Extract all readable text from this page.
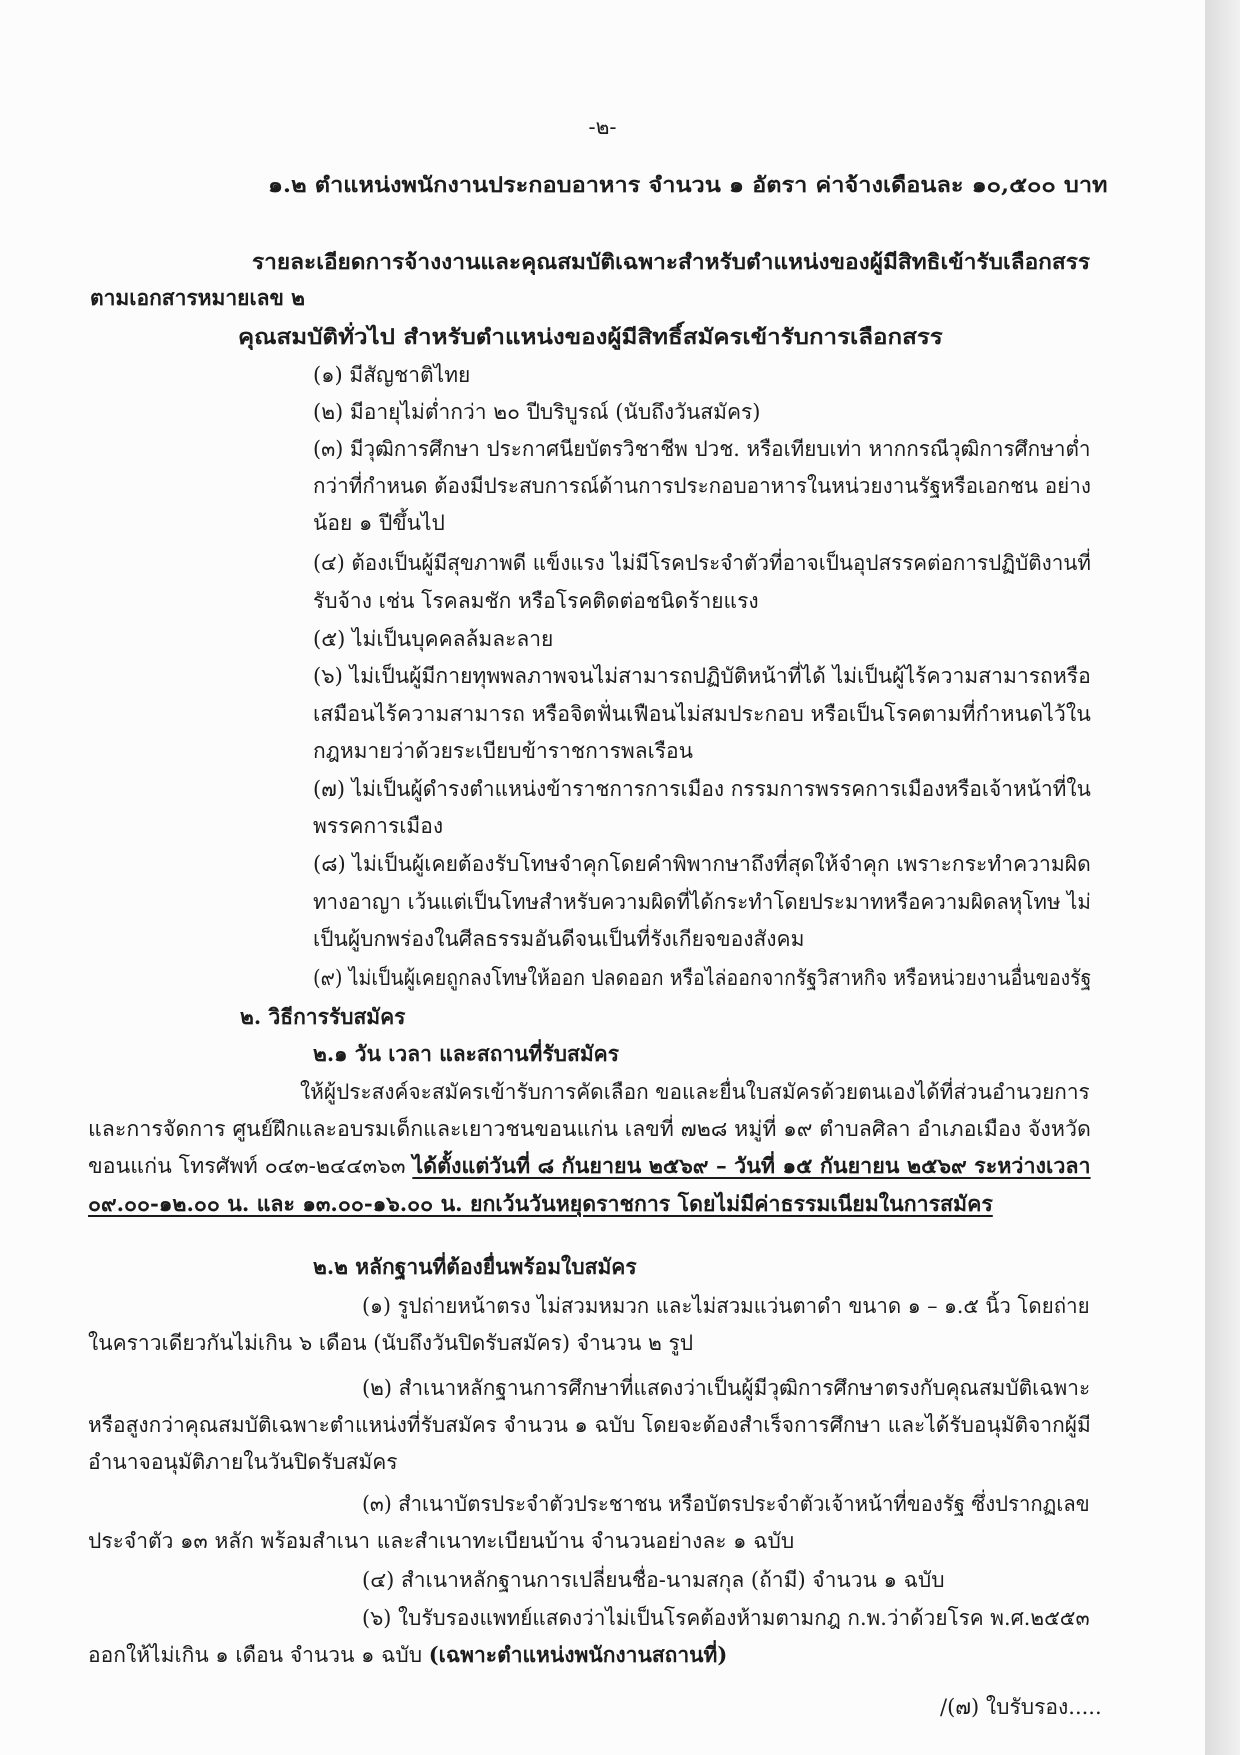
-๒-
๑.๒ ตำแหน่งพนักงานประกอบอาหาร จำนวน ๑ อัตรา ค่าจ้างเดือนละ ๑๐,๕๐๐ บาท
รายละเอียดการจ้างงานและคุณสมบัติเฉพาะสำหรับตำแหน่งของผู้มีสิทธิเข้ารับเลือกสรร
ตามเอกสารหมายเลข ๒
คุณสมบัติทั่วไป สำหรับตำแหน่งของผู้มีสิทธิ์สมัครเข้ารับการเลือกสรร
(๑) มีสัญชาติไทย
(๒) มีอายุไม่ต่ำกว่า ๒๐ ปีบริบูรณ์ (นับถึงวันสมัคร)
(๓) มีวุฒิการศึกษา ประกาศนียบัตรวิชาชีพ ปวช. หรือเทียบเท่า หากกรณีวุฒิการศึกษาต่ำ
กว่าที่กำหนด ต้องมีประสบการณ์ด้านการประกอบอาหารในหน่วยงานรัฐหรือเอกชน อย่าง
น้อย ๑ ปีขึ้นไป
(๔) ต้องเป็นผู้มีสุขภาพดี แข็งแรง ไม่มีโรคประจำตัวที่อาจเป็นอุปสรรคต่อการปฏิบัติงานที่
รับจ้าง เช่น โรคลมชัก หรือโรคติดต่อชนิดร้ายแรง
(๕) ไม่เป็นบุคคลล้มละลาย
(๖) ไม่เป็นผู้มีกายทุพพลภาพจนไม่สามารถปฏิบัติหน้าที่ได้ ไม่เป็นผู้ไร้ความสามารถหรือ
เสมือนไร้ความสามารถ หรือจิตฟั่นเฟือนไม่สมประกอบ หรือเป็นโรคตามที่กำหนดไว้ใน
กฎหมายว่าด้วยระเบียบข้าราชการพลเรือน
(๗) ไม่เป็นผู้ดำรงตำแหน่งข้าราชการการเมือง กรรมการพรรคการเมืองหรือเจ้าหน้าที่ใน
พรรคการเมือง
(๘) ไม่เป็นผู้เคยต้องรับโทษจำคุกโดยคำพิพากษาถึงที่สุดให้จำคุก เพราะกระทำความผิด
ทางอาญา เว้นแต่เป็นโทษสำหรับความผิดที่ได้กระทำโดยประมาทหรือความผิดลหุโทษ ไม่
เป็นผู้บกพร่องในศีลธรรมอันดีจนเป็นที่รังเกียจของสังคม
(๙) ไม่เป็นผู้เคยถูกลงโทษให้ออก ปลดออก หรือไล่ออกจากรัฐวิสาหกิจ หรือหน่วยงานอื่นของรัฐ
๒. วิธีการรับสมัคร
๒.๑ วัน เวลา และสถานที่รับสมัคร
ให้ผู้ประสงค์จะสมัครเข้ารับการคัดเลือก ขอและยื่นใบสมัครด้วยตนเองได้ที่ส่วนอำนวยการ
และการจัดการ ศูนย์ฝึกและอบรมเด็กและเยาวชนขอนแก่น เลขที่ ๗๒๘ หมู่ที่ ๑๙ ตำบลศิลา อำเภอเมือง จังหวัด
ขอนแก่น โทรศัพท์ ๐๔๓-๒๔๔๓๖๓ ได้ตั้งแต่วันที่ ๘ กันยายน ๒๕๖๙ – วันที่ ๑๕ กันยายน ๒๕๖๙ ระหว่างเวลา
๐๙.๐๐-๑๒.๐๐ น. และ ๑๓.๐๐-๑๖.๐๐ น. ยกเว้นวันหยุดราชการ โดยไม่มีค่าธรรมเนียมในการสมัคร
๒.๒ หลักฐานที่ต้องยื่นพร้อมใบสมัคร
(๑) รูปถ่ายหน้าตรง ไม่สวมหมวก และไม่สวมแว่นตาดำ ขนาด ๑ – ๑.๕ นิ้ว โดยถ่าย
ในคราวเดียวกันไม่เกิน ๖ เดือน (นับถึงวันปิดรับสมัคร) จำนวน ๒ รูป
(๒) สำเนาหลักฐานการศึกษาที่แสดงว่าเป็นผู้มีวุฒิการศึกษาตรงกับคุณสมบัติเฉพาะ
หรือสูงกว่าคุณสมบัติเฉพาะตำแหน่งที่รับสมัคร จำนวน ๑ ฉบับ โดยจะต้องสำเร็จการศึกษา และได้รับอนุมัติจากผู้มี
อำนาจอนุมัติภายในวันปิดรับสมัคร
(๓) สำเนาบัตรประจำตัวประชาชน หรือบัตรประจำตัวเจ้าหน้าที่ของรัฐ ซึ่งปรากฏเลข
ประจำตัว ๑๓ หลัก พร้อมสำเนา และสำเนาทะเบียนบ้าน จำนวนอย่างละ ๑ ฉบับ
(๔) สำเนาหลักฐานการเปลี่ยนชื่อ-นามสกุล (ถ้ามี) จำนวน ๑ ฉบับ
(๖) ใบรับรองแพทย์แสดงว่าไม่เป็นโรคต้องห้ามตามกฎ ก.พ.ว่าด้วยโรค พ.ศ.๒๕๕๓
ออกให้ไม่เกิน ๑ เดือน จำนวน ๑ ฉบับ (เฉพาะตำแหน่งพนักงานสถานที่)
/(๗) ใบรับรอง.....
